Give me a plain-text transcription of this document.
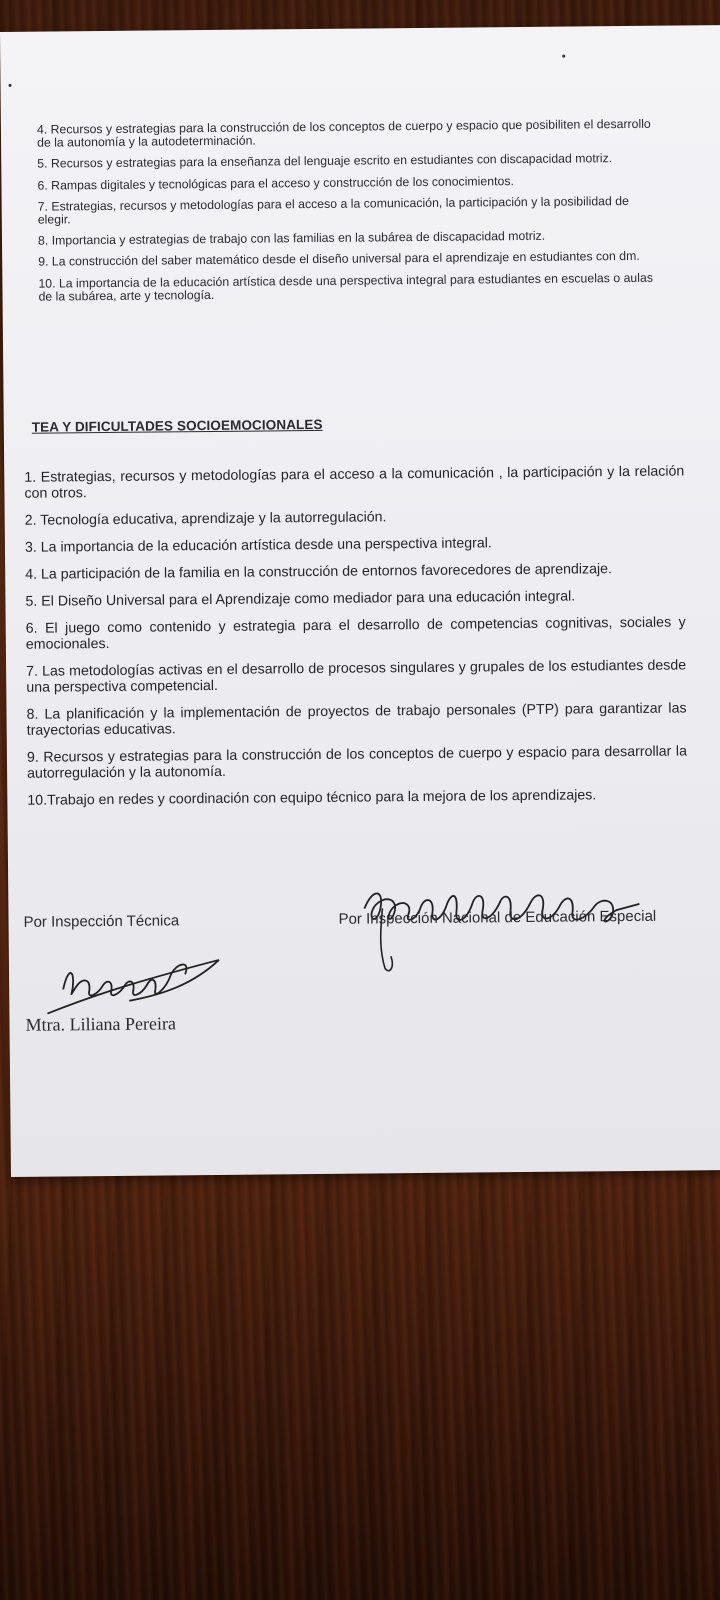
4. Recursos y estrategias para la construcción de los conceptos de cuerpo y espacio que posibiliten el desarrollo de la autonomía y la autodeterminación.
5. Recursos y estrategias para la enseñanza del lenguaje escrito en estudiantes con discapacidad motriz.
6. Rampas digitales y tecnológicas para el acceso y construcción de los conocimientos.
7. Estrategias, recursos y metodologías para el acceso a la comunicación, la participación y la posibilidad de elegir.
8. Importancia y estrategias de trabajo con las familias en la subárea de discapacidad motriz.
9. La construcción del saber matemático desde el diseño universal para el aprendizaje en estudiantes con dm.
10. La importancia de la educación artística desde una perspectiva integral para estudiantes en escuelas o aulas de la subárea, arte y tecnología.
TEA Y DIFICULTADES SOCIOEMOCIONALES
1. Estrategias, recursos y metodologías para el acceso a la comunicación , la participación y la relación con otros.
2. Tecnología educativa, aprendizaje y la autorregulación.
3. La importancia de la educación artística desde una perspectiva integral.
4. La participación de la familia en la construcción de entornos favorecedores de aprendizaje.
5. El Diseño Universal para el Aprendizaje como mediador para una educación integral.
6. El juego como contenido y estrategia para el desarrollo de competencias cognitivas, sociales y emocionales.
7. Las metodologías activas en el desarrollo de procesos singulares y grupales de los estudiantes desde una perspectiva competencial.
8. La planificación y la implementación de proyectos de trabajo personales (PTP) para garantizar las trayectorias educativas.
9. Recursos y estrategias para la construcción de los conceptos de cuerpo y espacio para desarrollar la autorregulación y la autonomía.
10.Trabajo en redes y coordinación con equipo técnico para la mejora de los aprendizajes.
Por Inspección Técnica	Por Inspección Nacional de Educación Especial
Mtra. Liliana Pereira
